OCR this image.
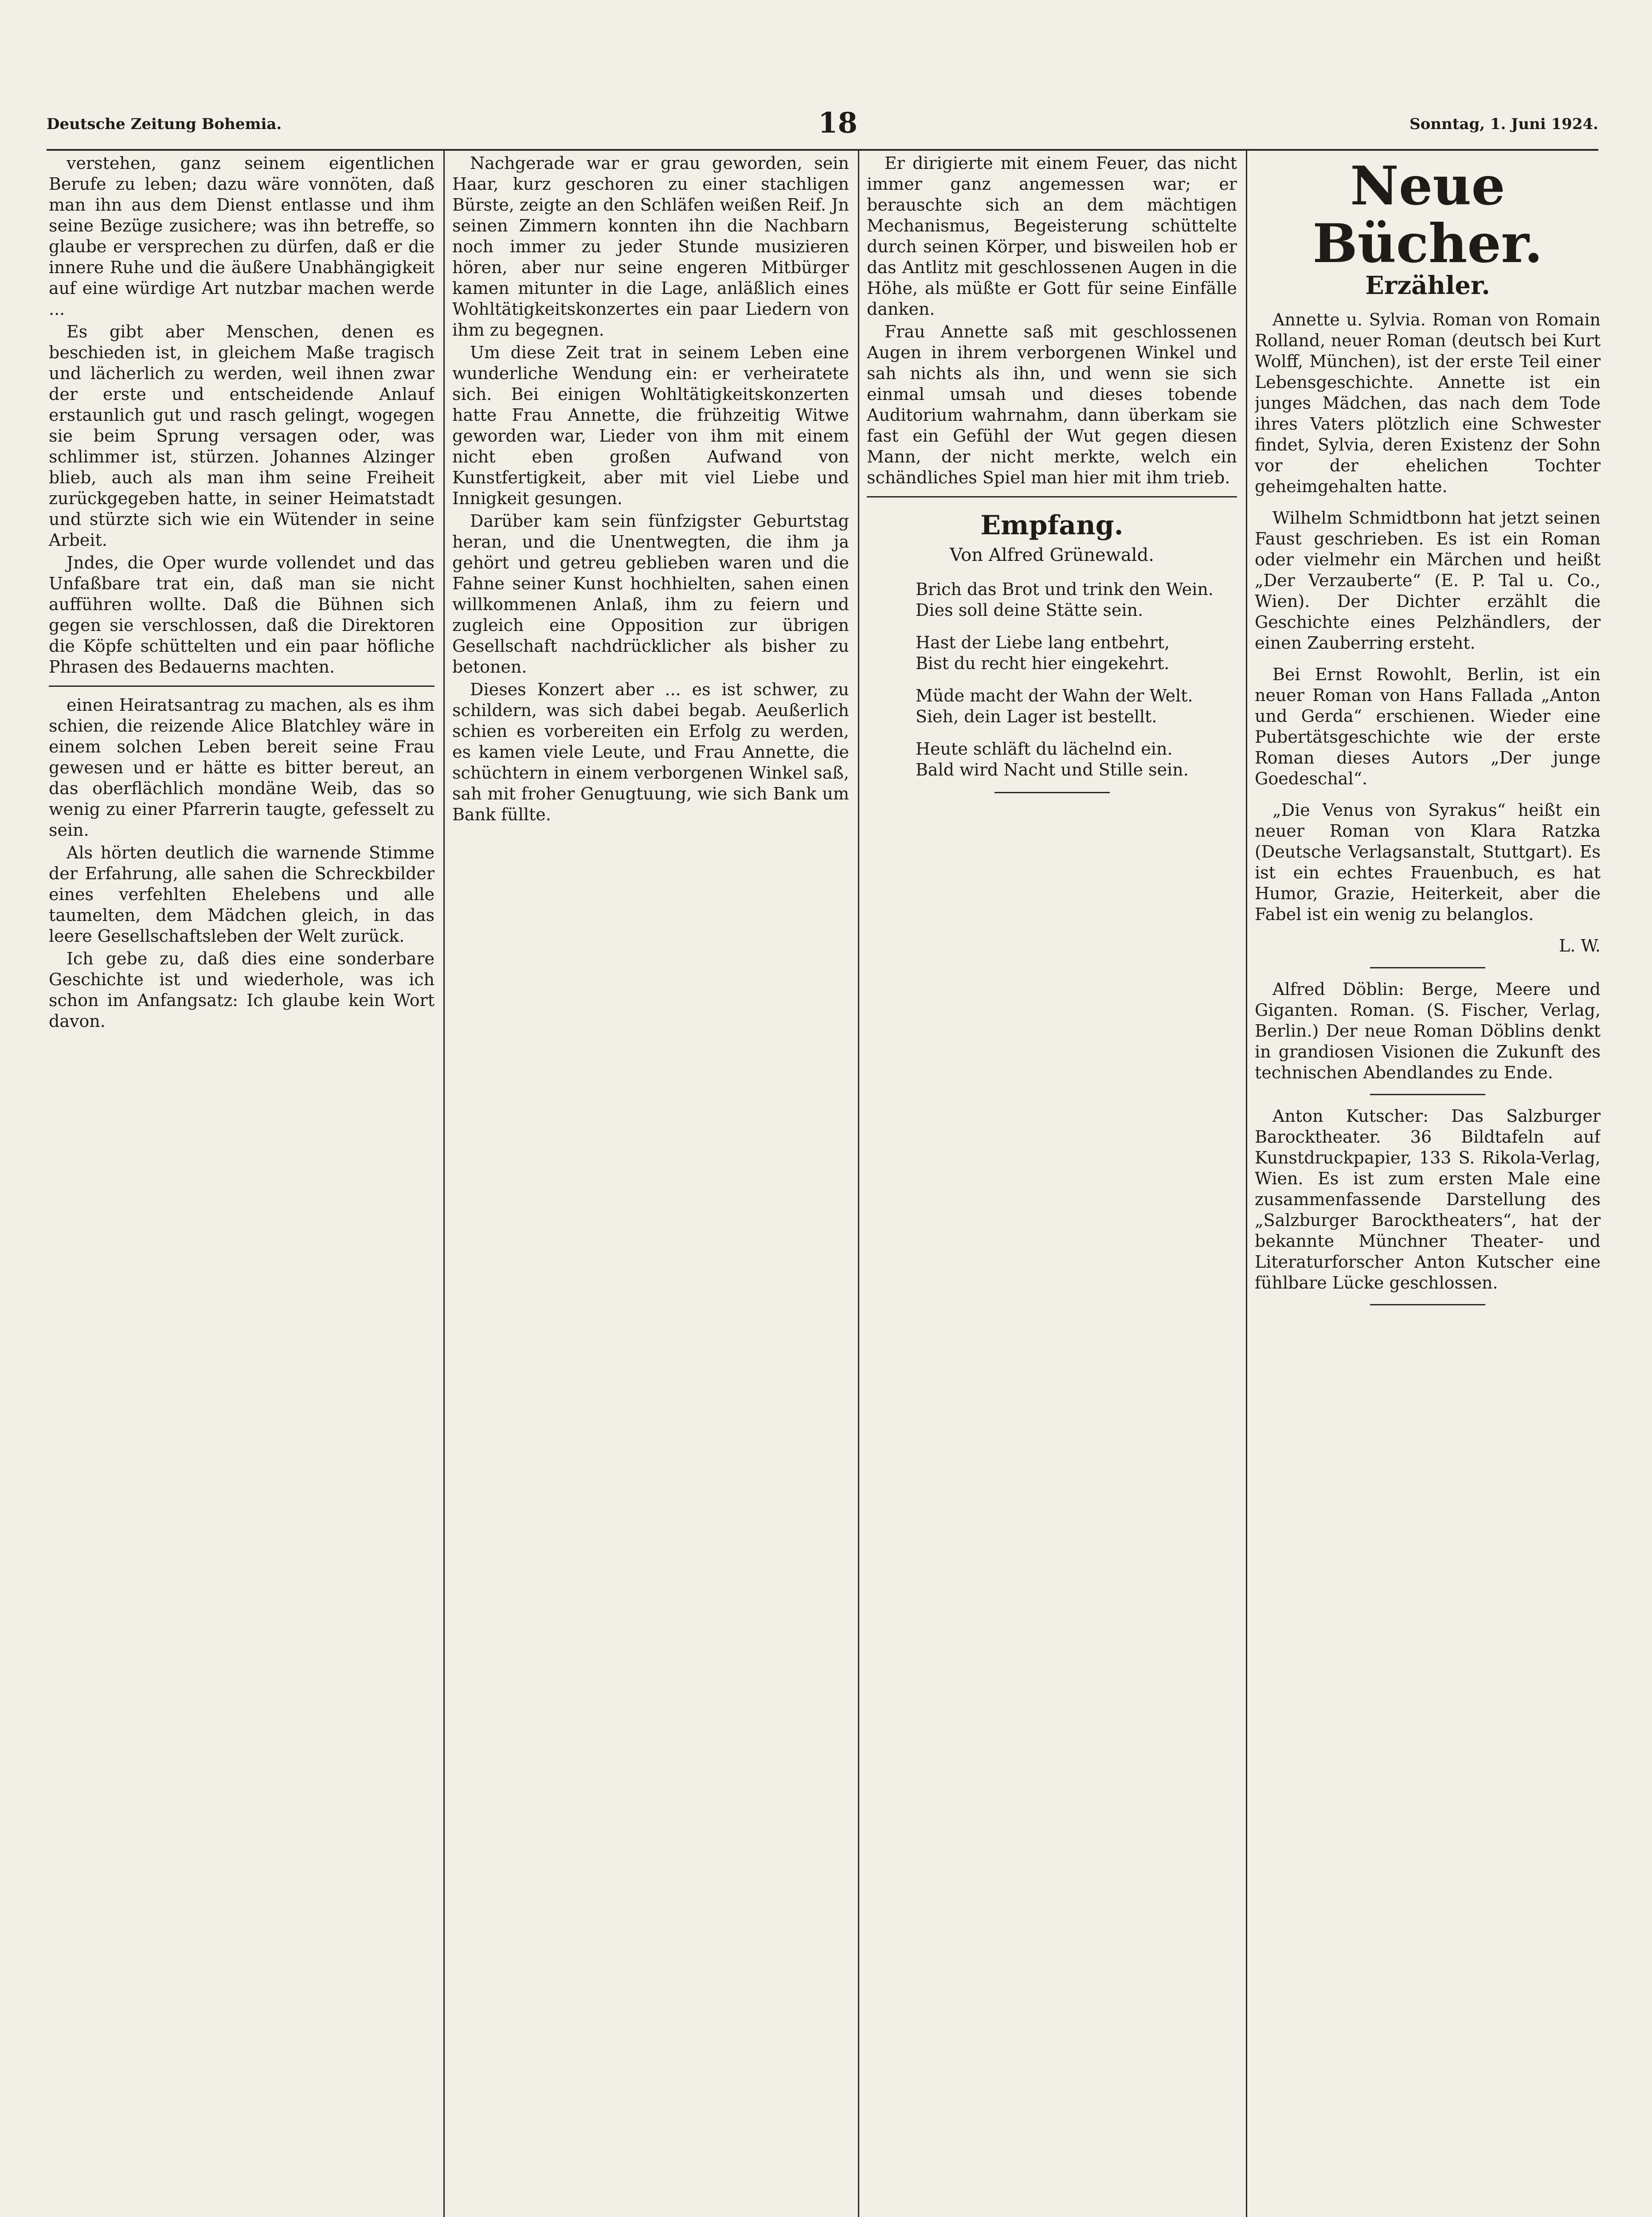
Deutsche Zeitung Bohemia.	18	Sonntag, 1. Juni 1924.

verstehen, ganz seinem eigentlichen Berufe zu leben; dazu wäre vonnöten, daß man ihn aus dem Dienst entlasse und ihm seine Bezüge zusichere; was ihn betreffe, so glaube er versprechen zu dürfen, daß er die innere Ruhe und die äußere Unabhängigkeit auf eine würdige Art nutzbar machen werde ...

Es gibt aber Menschen, denen es beschieden ist, in gleichem Maße tragisch und lächerlich zu werden, weil ihnen zwar der erste und entscheidende Anlauf erstaunlich gut und rasch gelingt, wogegen sie beim Sprung versagen oder, was schlimmer ist, stürzen. Johannes Alzinger blieb, auch als man ihm seine Freiheit zurückgegeben hatte, in seiner Heimatstadt und stürzte sich wie ein Wütender in seine Arbeit.

Jndes, die Oper wurde vollendet und das Unfaßbare trat ein, daß man sie nicht aufführen wollte. Daß die Bühnen sich gegen sie verschlossen, daß die Direktoren die Köpfe schüttelten und ein paar höfliche Phrasen des Bedauerns machten.

einen Heiratsantrag zu machen, als es ihm schien, die reizende Alice Blatchley wäre in einem solchen Leben bereit seine Frau gewesen und er hätte es bitter bereut, an das oberflächlich mondäne Weib, das so wenig zu einer Pfarrerin taugte, gefesselt zu sein.

Als hörten deutlich die warnende Stimme der Erfahrung, alle sahen die Schreckbilder eines verfehlten Ehelebens und alle taumelten, dem Mädchen gleich, in das leere Gesellschaftsleben der Welt zurück.

Ich gebe zu, daß dies eine sonderbare Geschichte ist und wiederhole, was ich schon im Anfangsatz: Ich glaube kein Wort davon.

Nachgerade war er grau geworden, sein Haar, kurz geschoren zu einer stachligen Bürste, zeigte an den Schläfen weißen Reif. Jn seinen Zimmern konnten ihn die Nachbarn noch immer zu jeder Stunde musizieren hören, aber nur seine engeren Mitbürger kamen mitunter in die Lage, anläßlich eines Wohltätigkeitskonzertes ein paar Liedern von ihm zu begegnen.

Um diese Zeit trat in seinem Leben eine wunderliche Wendung ein: er verheiratete sich. Bei einigen Wohltätigkeitskonzerten hatte Frau Annette, die frühzeitig Witwe geworden war, Lieder von ihm mit einem nicht eben großen Aufwand von Kunstfertigkeit, aber mit viel Liebe und Innigkeit gesungen.

Darüber kam sein fünfzigster Geburtstag heran, und die Unentwegten, die ihm ja gehört und getreu geblieben waren und die Fahne seiner Kunst hochhielten, sahen einen willkommenen Anlaß, ihm zu feiern und zugleich eine Opposition zur übrigen Gesellschaft nachdrücklicher als bisher zu betonen.

Dieses Konzert aber ... es ist schwer, zu schildern, was sich dabei begab. Aeußerlich schien es vorbereiten ein Erfolg zu werden, es kamen viele Leute, und Frau Annette, die schüchtern in einem verborgenen Winkel saß, sah mit froher Genugtuung, wie sich Bank um Bank füllte.

Er dirigierte mit einem Feuer, das nicht immer ganz angemessen war; er berauschte sich an dem mächtigen Mechanismus, Begeisterung schüttelte durch seinen Körper, und bisweilen hob er das Antlitz mit geschlossenen Augen in die Höhe, als müßte er Gott für seine Einfälle danken.

Frau Annette saß mit geschlossenen Augen in ihrem verborgenen Winkel und sah nichts als ihn, und wenn sie sich einmal umsah und dieses tobende Auditorium wahrnahm, dann überkam sie fast ein Gefühl der Wut gegen diesen Mann, der nicht merkte, welch ein schändliches Spiel man hier mit ihm trieb.

Empfang.
Von Alfred Grünewald.
Brich das Brot und trink den Wein.
Dies soll deine Stätte sein.
Hast der Liebe lang entbehrt,
Bist du recht hier eingekehrt.
Müde macht der Wahn der Welt.
Sieh, dein Lager ist bestellt.
Heute schläft du lächelnd ein.
Bald wird Nacht und Stille sein.
Neue Bücher.
Erzähler.

Annette u. Sylvia. Roman von Romain Rolland, neuer Roman (deutsch bei Kurt Wolff, München), ist der erste Teil einer Lebensgeschichte. Annette ist ein junges Mädchen, das nach dem Tode ihres Vaters plötzlich eine Schwester findet, Sylvia, deren Existenz der Sohn vor der ehelichen Tochter geheimgehalten hatte.

Wilhelm Schmidtbonn hat jetzt seinen Faust geschrieben. Es ist ein Roman oder vielmehr ein Märchen und heißt „Der Verzauberte“ (E. P. Tal u. Co., Wien). Der Dichter erzählt die Geschichte eines Pelzhändlers, der einen Zauberring ersteht.

Bei Ernst Rowohlt, Berlin, ist ein neuer Roman von Hans Fallada „Anton und Gerda“ erschienen. Wieder eine Pubertätsgeschichte wie der erste Roman dieses Autors „Der junge Goedeschal“.

„Die Venus von Syrakus“ heißt ein neuer Roman von Klara Ratzka (Deutsche Verlagsanstalt, Stuttgart). Es ist ein echtes Frauenbuch, es hat Humor, Grazie, Heiterkeit, aber die Fabel ist ein wenig zu belanglos.

L. W.

Alfred Döblin: Berge, Meere und Giganten. Roman. (S. Fischer, Verlag, Berlin.) Der neue Roman Döblins denkt in grandiosen Visionen die Zukunft des technischen Abendlandes zu Ende.

Anton Kutscher: Das Salzburger Barocktheater. 36 Bildtafeln auf Kunstdruckpapier, 133 S. Rikola-Verlag, Wien. Es ist zum ersten Male eine zusammenfassende Darstellung des „Salzburger Barocktheaters“, hat der bekannte Münchner Theater- und Literaturforscher Anton Kutscher eine fühlbare Lücke geschlossen.
